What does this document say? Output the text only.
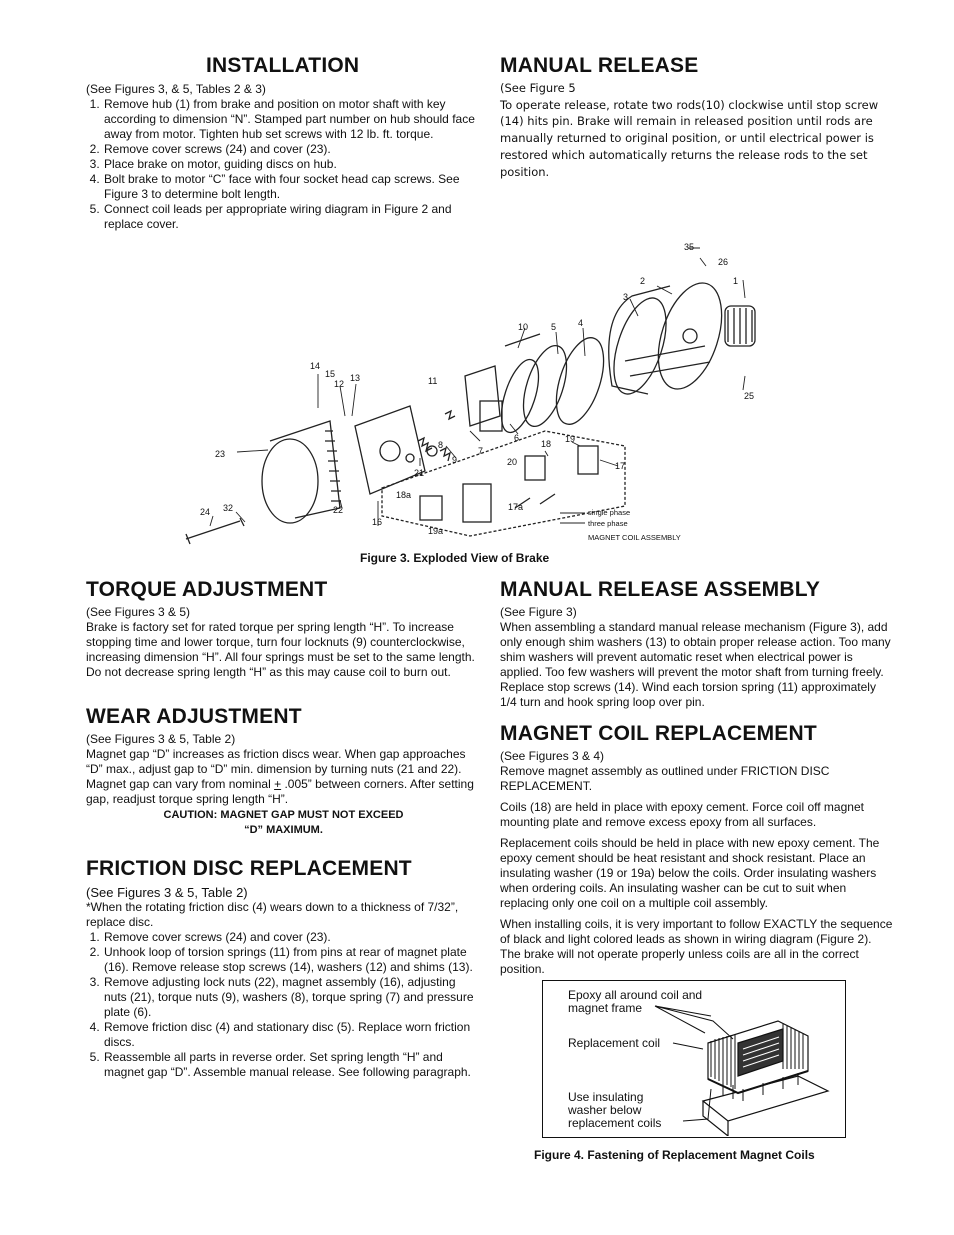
INSTALLATION

(See Figures 3, & 5, Tables 2 & 3)

1. Remove hub (1) from brake and position on motor shaft with key according to dimension “N”. Stamped part number on hub should face away from motor. Tighten hub set screws with 12 lb. ft. torque.
2. Remove cover screws (24) and cover (23).
3. Place brake on motor, guiding discs on hub.
4. Bolt brake to motor “C” face with four socket head cap screws. See Figure 3 to determine bolt length.
5. Connect coil leads per appropriate wiring diagram in Figure 2 and replace cover.
MANUAL RELEASE

(See Figure 5

To operate release, rotate two rods(10) clockwise until stop screw (14) hits pin. Brake will remain in released position until rods are manually returned to original position, or until electrical power is restored which automatically returns the release rods to the set position.

35
26
1
2
3
4
5
10
25
11
14
15
12
13
23
9
8
7
6
21
18 19
20	17
18a
17a
19a
16
22
24 32	single phase
three phase
MAGNET COIL ASSEMBLY
Figure 3. Exploded View of Brake
TORQUE ADJUSTMENT

(See Figures 3 & 5)

Brake is factory set for rated torque per spring length “H”. To increase stopping time and lower torque, turn four locknuts (9) counterclockwise, increasing dimension “H”. All four springs must be set to the same length. Do not decrease spring length “H” as this may cause coil to burn out.

WEAR ADJUSTMENT

(See Figures 3 & 5, Table 2)

Magnet gap “D” increases as friction discs wear. When gap approaches “D” max., adjust gap to “D” min. dimension by turning nuts (21 and 22). Magnet gap can vary from nominal + .005” between corners. After setting gap, readjust torque spring length “H”.

CAUTION: MAGNET GAP MUST NOT EXCEED

“D” MAXIMUM.

FRICTION DISC REPLACEMENT

(See Figures 3 & 5, Table 2)

*When the rotating friction disc (4) wears down to a thickness of 7/32”, replace disc.

1. Remove cover screws (24) and cover (23).
2. Unhook loop of torsion springs (11) from pins at rear of magnet plate (16). Remove release stop screws (14), washers (12) and shims (13).
3. Remove adjusting lock nuts (22), magnet assembly (16), adjusting nuts (21), torque nuts (9), washers (8), torque spring (7) and pressure plate (6).
4. Remove friction disc (4) and stationary disc (5). Replace worn friction discs.
5. Reassemble all parts in reverse order. Set spring length “H” and magnet gap “D”. Assemble manual release. See following paragraph.
MANUAL RELEASE ASSEMBLY

(See Figure 3)

When assembling a standard manual release mechanism (Figure 3), add only enough shim washers (13) to obtain proper release action. Too many shim washers will prevent automatic reset when electrical power is applied. Too few washers will prevent the motor shaft from turning freely. Replace stop screws (14). Wind each torsion spring (11) approximately 1/4 turn and hook spring loop over pin.

MAGNET COIL REPLACEMENT

(See Figures 3 & 4)

Remove magnet assembly as outlined under FRICTION DISC REPLACEMENT.

Coils (18) are held in place with epoxy cement. Force coil off magnet mounting plate and remove excess epoxy from all surfaces.

Replacement coils should be held in place with new epoxy cement. The epoxy cement should be heat resistant and shock resistant. Place an insulating washer (19 or 19a) below the coils. Order insulating washers when ordering coils. An insulating washer can be cut to suit when replacing only one coil on a multiple coil assembly.

When installing coils, it is very important to follow EXACTLY the sequence of black and light colored leads as shown in wiring diagram (Figure 2). The brake will not operate properly unless coils are all in the correct position.

Epoxy all around coil and
magnet frame
Replacement coil
Use insulating
washer below
replacement coils
Figure 4. Fastening of Replacement Magnet Coils
